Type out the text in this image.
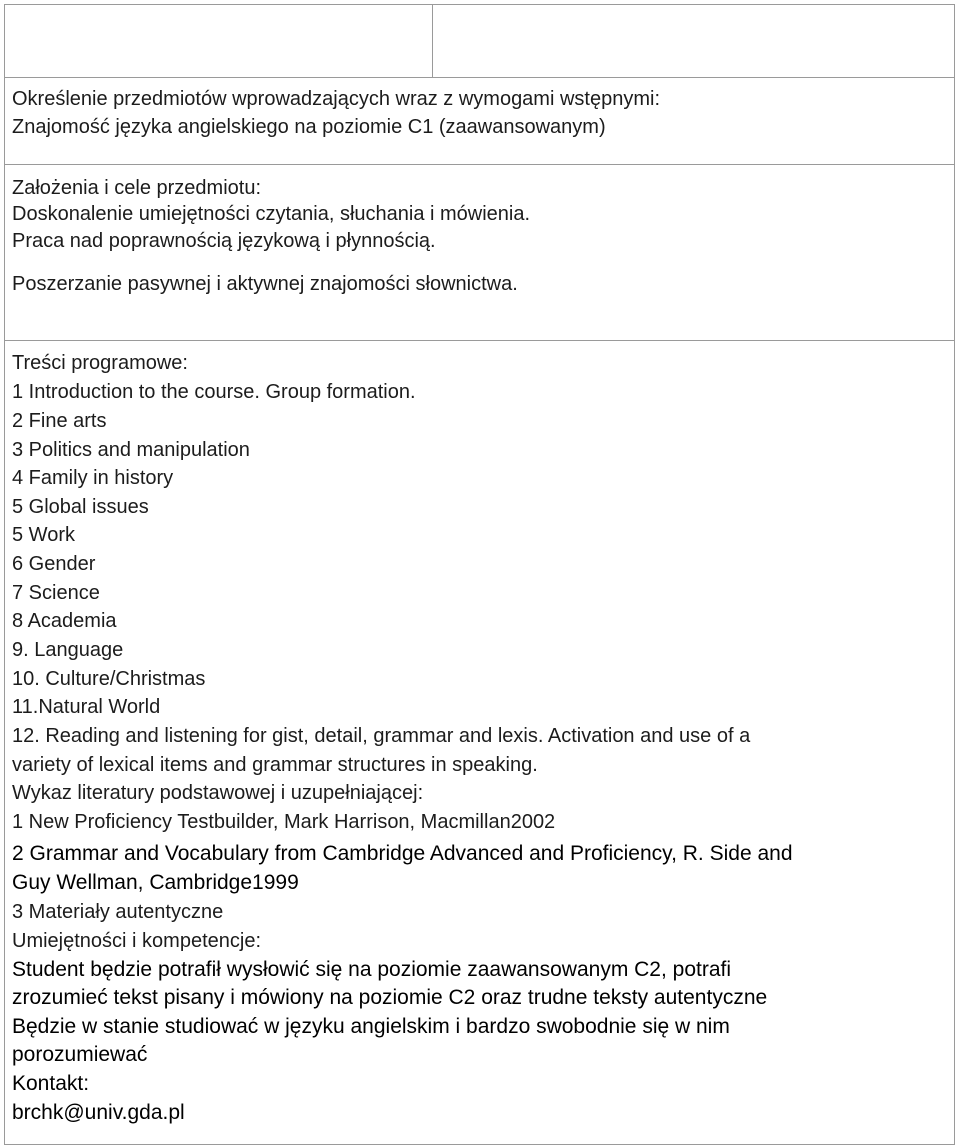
Określenie przedmiotów wprowadzających wraz z wymogami wstępnymi:
Znajomość języka angielskiego na poziomie C1 (zaawansowanym)
Założenia i cele przedmiotu:
Doskonalenie umiejętności czytania, słuchania i mówienia.
Praca nad poprawnością językową i płynnością.
Poszerzanie pasywnej i aktywnej znajomości słownictwa.
Treści programowe:
1 Introduction to the course. Group formation.
2 Fine arts
3 Politics and manipulation
4 Family in history
5 Global issues
5 Work
6 Gender
7 Science
8 Academia
9. Language
10. Culture/Christmas
11.Natural World
12. Reading and listening for gist, detail, grammar and lexis. Activation and use of a
variety of lexical items and grammar structures in speaking.
Wykaz literatury podstawowej i uzupełniającej:
1 New Proficiency Testbuilder, Mark Harrison, Macmillan2002
2 Grammar and Vocabulary from Cambridge Advanced and Proficiency, R. Side and
Guy Wellman, Cambridge1999
3 Materiały autentyczne
Umiejętności i kompetencje:
Student będzie potrafił wysłowić się na poziomie zaawansowanym C2, potrafi
zrozumieć tekst pisany i mówiony na poziomie C2 oraz trudne teksty autentyczne
Będzie w stanie studiować w języku angielskim i bardzo swobodnie się w nim
porozumiewać
Kontakt:
brchk@univ.gda.pl
